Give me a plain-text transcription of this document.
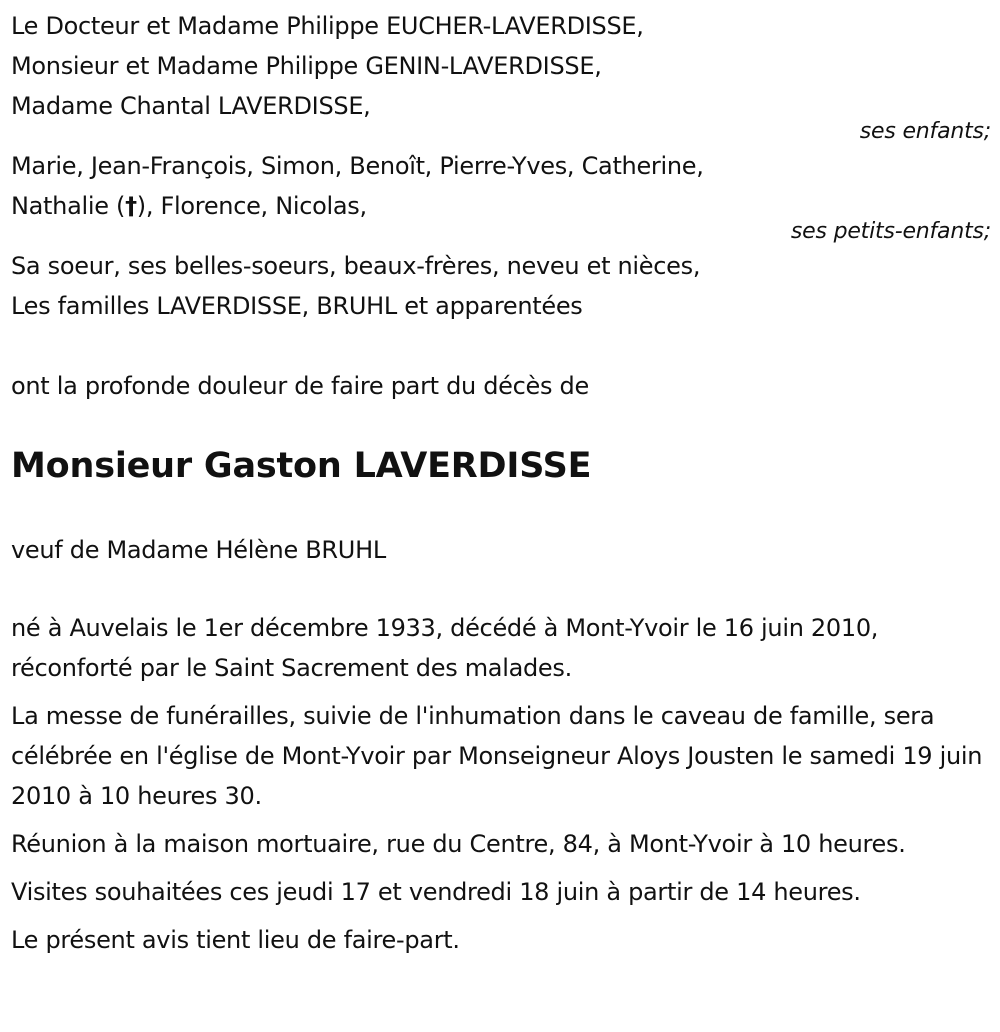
Le Docteur et Madame Philippe EUCHER-LAVERDISSE,
Monsieur et Madame Philippe GENIN-LAVERDISSE,
Madame Chantal LAVERDISSE,
ses enfants;
Marie, Jean-François, Simon, Benoît, Pierre-Yves, Catherine,
Nathalie (†), Florence, Nicolas,
ses petits-enfants;
Sa soeur, ses belles-soeurs, beaux-frères, neveu et nièces,
Les familles LAVERDISSE, BRUHL et apparentées
ont la profonde douleur de faire part du décès de
Monsieur Gaston LAVERDISSE
veuf de Madame Hélène BRUHL
né à Auvelais le 1er décembre 1933, décédé à Mont-Yvoir le 16 juin 2010, réconforté par le Saint Sacrement des malades.
La messe de funérailles, suivie de l'inhumation dans le caveau de famille, sera célébrée en l'église de Mont-Yvoir par Monseigneur Aloys Jousten le samedi 19 juin 2010 à 10 heures 30.
Réunion à la maison mortuaire, rue du Centre, 84, à Mont-Yvoir à 10 heures.
Visites souhaitées ces jeudi 17 et vendredi 18 juin à partir de 14 heures.
Le présent avis tient lieu de faire-part.
